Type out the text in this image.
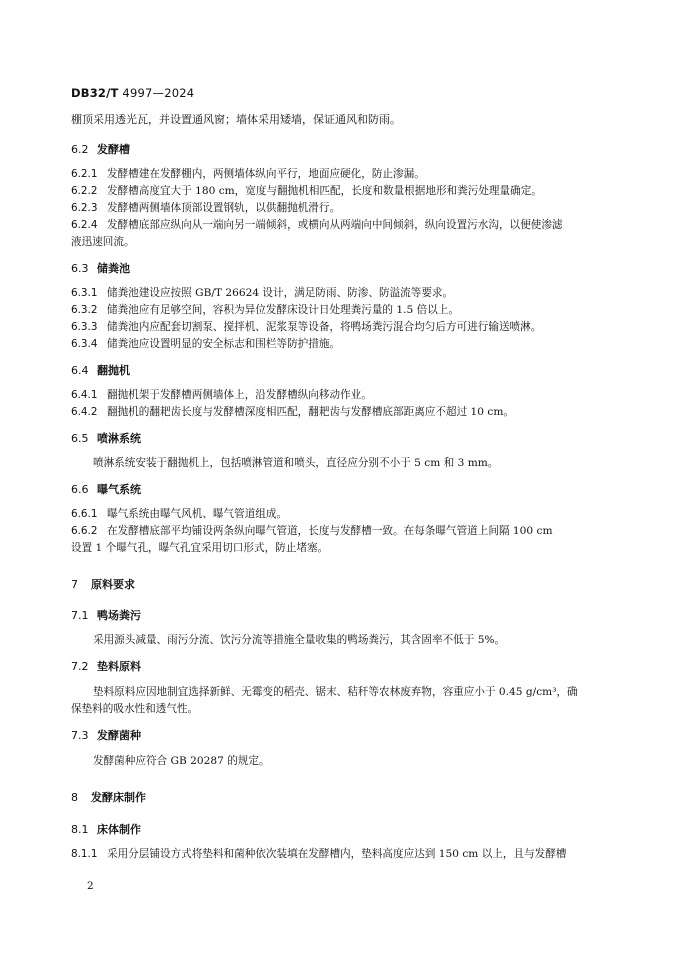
DB32/T 4997—2024
棚顶采用透光瓦，并设置通风窗；墙体采用矮墙，保证通风和防雨。
6.2 发酵槽
6.2.1 发酵槽建在发酵棚内，两侧墙体纵向平行，地面应硬化，防止渗漏。
6.2.2 发酵槽高度宜大于 180 cm，宽度与翻抛机相匹配，长度和数量根据地形和粪污处理量确定。
6.2.3 发酵槽两侧墙体顶部设置钢轨，以供翻抛机滑行。
6.2.4 发酵槽底部应纵向从一端向另一端倾斜，或横向从两端向中间倾斜，纵向设置污水沟，以便使渗滤
液迅速回流。
6.3 储粪池
6.3.1 储粪池建设应按照 GB/T 26624 设计，满足防雨、防渗、防溢流等要求。
6.3.2 储粪池应有足够空间，容积为异位发酵床设计日处理粪污量的 1.5 倍以上。
6.3.3 储粪池内应配套切割泵、搅拌机、泥浆泵等设备，将鸭场粪污混合均匀后方可进行输送喷淋。
6.3.4 储粪池应设置明显的安全标志和围栏等防护措施。
6.4 翻抛机
6.4.1 翻抛机架于发酵槽两侧墙体上，沿发酵槽纵向移动作业。
6.4.2 翻抛机的翻耙齿长度与发酵槽深度相匹配，翻耙齿与发酵槽底部距离应不超过 10 cm。
6.5 喷淋系统
喷淋系统安装于翻抛机上，包括喷淋管道和喷头，直径应分别不小于 5 cm 和 3 mm。
6.6 曝气系统
6.6.1 曝气系统由曝气风机、曝气管道组成。
6.6.2 在发酵槽底部平均铺设两条纵向曝气管道，长度与发酵槽一致。在每条曝气管道上间隔 100 cm
设置 1 个曝气孔，曝气孔宜采用切口形式，防止堵塞。
7 原料要求
7.1 鸭场粪污
采用源头减量、雨污分流、饮污分流等措施全量收集的鸭场粪污，其含固率不低于 5%。
7.2 垫料原料
垫料原料应因地制宜选择新鲜、无霉变的稻壳、锯末、秸秆等农林废弃物，容重应小于 0.45 g/cm³，确
保垫料的吸水性和透气性。
7.3 发酵菌种
发酵菌种应符合 GB 20287 的规定。
8 发酵床制作
8.1 床体制作
8.1.1 采用分层铺设方式将垫料和菌种依次装填在发酵槽内，垫料高度应达到 150 cm 以上，且与发酵槽
2
